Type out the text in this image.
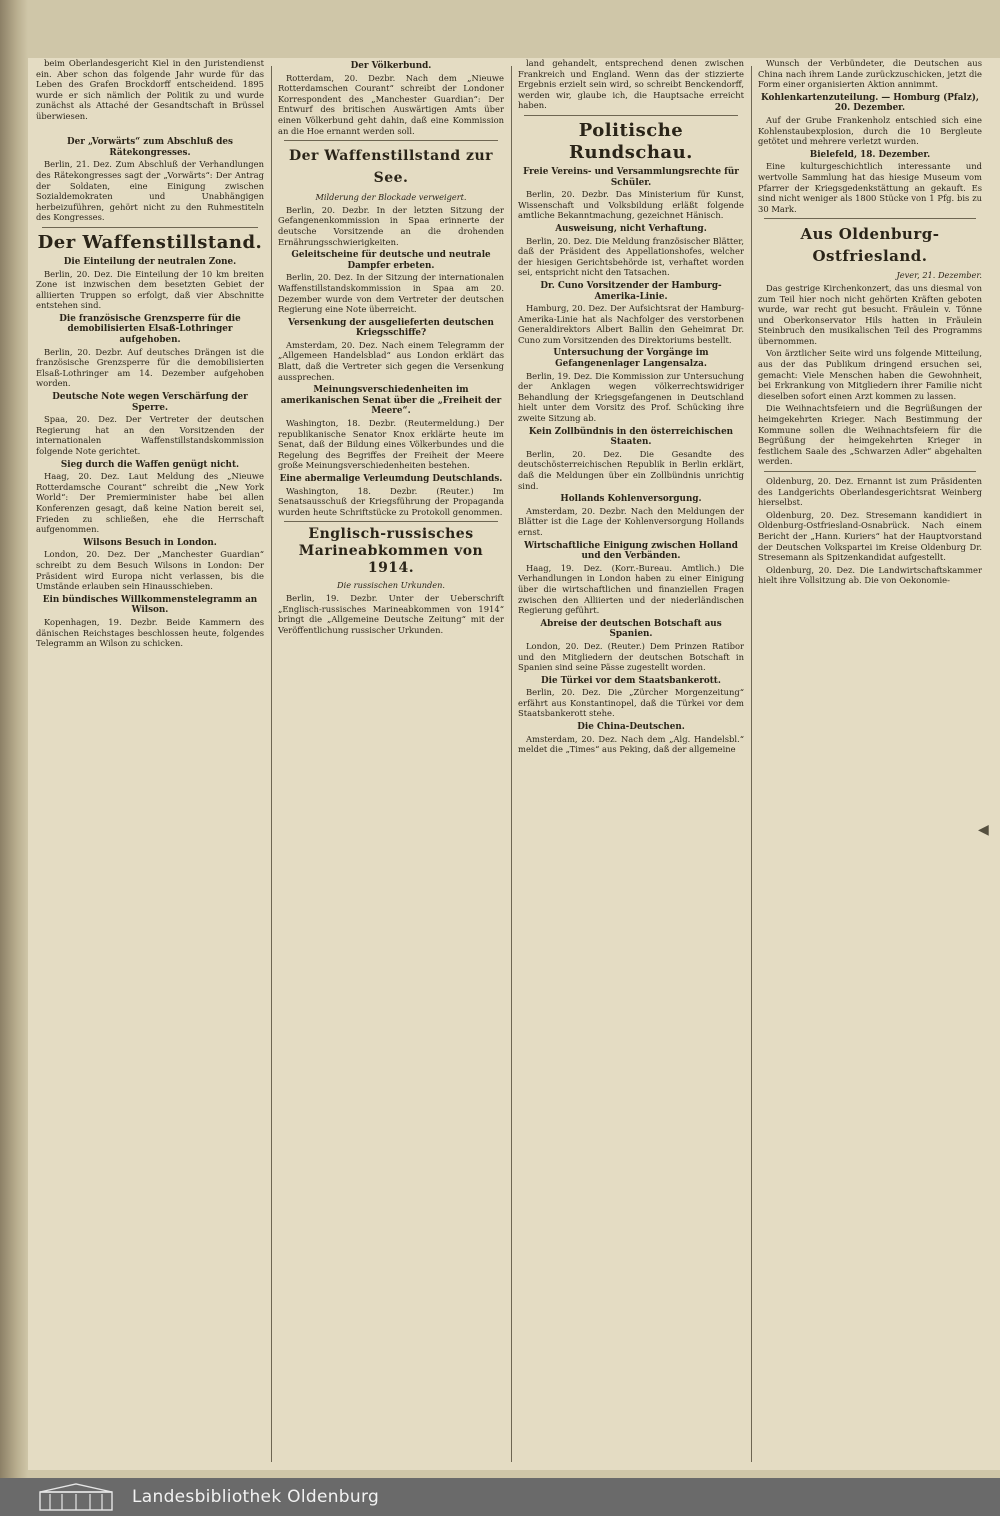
beim Oberlandesgericht Kiel in den Juristendienst ein. Aber schon das folgende Jahr wurde für das Leben des Grafen Brockdorff entscheidend. 1895 wurde er sich nämlich der Politik zu und wurde zunächst als Attaché der Gesandtschaft in Brüssel überwiesen.

Der „Vorwärts“ zum Abschluß des Rätekongresses.

Berlin, 21. Dez. Zum Abschluß der Verhandlungen des Rätekongresses sagt der „Vorwärts“: Der Antrag der Soldaten, eine Einigung zwischen Sozialdemokraten und Unabhängigen herbeizuführen, gehört nicht zu den Ruhmestiteln des Kongresses.

Der Waffenstillstand.
Die Einteilung der neutralen Zone.

Berlin, 20. Dez. Die Einteilung der 10 km breiten Zone ist inzwischen dem besetzten Gebiet der alliierten Truppen so erfolgt, daß vier Abschnitte entstehen sind.

Die französische Grenzsperre für die demobilisierten Elsaß-Lothringer aufgehoben.

Berlin, 20. Dezbr. Auf deutsches Drängen ist die französische Grenzsperre für die demobilisierten Elsaß-Lothringer am 14. Dezember aufgehoben worden.

Deutsche Note wegen Verschärfung der Sperre.

Spaa, 20. Dez. Der Vertreter der deutschen Regierung hat an den Vorsitzenden der internationalen Waffenstillstandskommission folgende Note gerichtet.

Sieg durch die Waffen genügt nicht.

Haag, 20. Dez. Laut Meldung des „Nieuwe Rotterdamsche Courant“ schreibt die „New York World“: Der Premierminister habe bei allen Konferenzen gesagt, daß keine Nation bereit sei, Frieden zu schließen, ehe die Herrschaft aufgenommen.

Wilsons Besuch in London.

London, 20. Dez. Der „Manchester Guardian“ schreibt zu dem Besuch Wilsons in London: Der Präsident wird Europa nicht verlassen, bis die Umstände erlauben sein Hinausschieben.

Ein bündisches Willkommenstelegramm an Wilson.

Kopenhagen, 19. Dezbr. Beide Kammern des dänischen Reichstages beschlossen heute, folgendes Telegramm an Wilson zu schicken.

Der Völkerbund.

Rotterdam, 20. Dezbr. Nach dem „Nieuwe Rotterdamschen Courant“ schreibt der Londoner Korrespondent des „Manchester Guardian“: Der Entwurf des britischen Auswärtigen Amts über einen Völkerbund geht dahin, daß eine Kommission an die Hoe ernannt werden soll.

Der Waffenstillstand zur See.
Milderung der Blockade verweigert.

Berlin, 20. Dezbr. In der letzten Sitzung der Gefangenenkommission in Spaa erinnerte der deutsche Vorsitzende an die drohenden Ernährungsschwierigkeiten.

Geleitscheine für deutsche und neutrale Dampfer erbeten.

Berlin, 20. Dez. In der Sitzung der internationalen Waffenstillstandskommission in Spaa am 20. Dezember wurde von dem Vertreter der deutschen Regierung eine Note überreicht.

Versenkung der ausgelieferten deutschen Kriegsschiffe?

Amsterdam, 20. Dez. Nach einem Telegramm der „Allgemeen Handelsblad“ aus London erklärt das Blatt, daß die Vertreter sich gegen die Versenkung aussprechen.

Meinungsverschiedenheiten im amerikanischen Senat über die „Freiheit der Meere“.

Washington, 18. Dezbr. (Reutermeldung.) Der republikanische Senator Knox erklärte heute im Senat, daß der Bildung eines Völkerbundes und die Regelung des Begriffes der Freiheit der Meere große Meinungsverschiedenheiten bestehen.

Eine abermalige Verleumdung Deutschlands.

Washington, 18. Dezbr. (Reuter.) Im Senatsausschuß der Kriegsführung der Propaganda wurden heute Schriftstücke zu Protokoll genommen.

Englisch-russisches Marineabkommen von 1914.
Die russischen Urkunden.

Berlin, 19. Dezbr. Unter der Ueberschrift „Englisch-russisches Marineabkommen von 1914“ bringt die „Allgemeine Deutsche Zeitung“ mit der Veröffentlichung russischer Urkunden.

land gehandelt, entsprechend denen zwischen Frankreich und England. Wenn das der stizzierte Ergebnis erzielt sein wird, so schreibt Benckendorff, werden wir, glaube ich, die Hauptsache erreicht haben.

Politische Rundschau.
Freie Vereins- und Versammlungsrechte für Schüler.

Berlin, 20. Dezbr. Das Ministerium für Kunst, Wissenschaft und Volksbildung erläßt folgende amtliche Bekanntmachung, gezeichnet Hänisch.

Ausweisung, nicht Verhaftung.

Berlin, 20. Dez. Die Meldung französischer Blätter, daß der Präsident des Appellationshofes, welcher der hiesigen Gerichtsbehörde ist, verhaftet worden sei, entspricht nicht den Tatsachen.

Dr. Cuno Vorsitzender der Hamburg-Amerika-Linie.

Hamburg, 20. Dez. Der Aufsichtsrat der Hamburg-Amerika-Linie hat als Nachfolger des verstorbenen Generaldirektors Albert Ballin den Geheimrat Dr. Cuno zum Vorsitzenden des Direktoriums bestellt.

Untersuchung der Vorgänge im Gefangenenlager Langensalza.

Berlin, 19. Dez. Die Kommission zur Untersuchung der Anklagen wegen völkerrechtswidriger Behandlung der Kriegsgefangenen in Deutschland hielt unter dem Vorsitz des Prof. Schücking ihre zweite Sitzung ab.

Kein Zollbündnis in den österreichischen Staaten.

Berlin, 20. Dez. Die Gesandte des deutschösterreichischen Republik in Berlin erklärt, daß die Meldungen über ein Zollbündnis unrichtig sind.

Hollands Kohlenversorgung.

Amsterdam, 20. Dezbr. Nach den Meldungen der Blätter ist die Lage der Kohlenversorgung Hollands ernst.

Wirtschaftliche Einigung zwischen Holland und den Verbänden.

Haag, 19. Dez. (Korr.-Bureau. Amtlich.) Die Verhandlungen in London haben zu einer Einigung über die wirtschaftlichen und finanziellen Fragen zwischen den Alliierten und der niederländischen Regierung geführt.

Abreise der deutschen Botschaft aus Spanien.

London, 20. Dez. (Reuter.) Dem Prinzen Ratibor und den Mitgliedern der deutschen Botschaft in Spanien sind seine Pässe zugestellt worden.

Die Türkei vor dem Staatsbankerott.

Berlin, 20. Dez. Die „Zürcher Morgenzeitung“ erfährt aus Konstantinopel, daß die Türkei vor dem Staatsbankerott stehe.

Die China-Deutschen.

Amsterdam, 20. Dez. Nach dem „Alg. Handelsbl.“ meldet die „Times“ aus Peking, daß der allgemeine

Wunsch der Verbündeter, die Deutschen aus China nach ihrem Lande zurückzuschicken, jetzt die Form einer organisierten Aktion annimmt.

Kohlenkartenzuteilung. — Homburg (Pfalz), 20. Dezember.

Auf der Grube Frankenholz entschied sich eine Kohlenstaubexplosion, durch die 10 Bergleute getötet und mehrere verletzt wurden.

Bielefeld, 18. Dezember.

Eine kulturgeschichtlich interessante und wertvolle Sammlung hat das hiesige Museum vom Pfarrer der Kriegsgedenkstättung an gekauft. Es sind nicht weniger als 1800 Stücke von 1 Pfg. bis zu 30 Mark.

Aus Oldenburg-Ostfriesland.
Jever, 21. Dezember.

Das gestrige Kirchenkonzert, das uns diesmal von zum Teil hier noch nicht gehörten Kräften geboten wurde, war recht gut besucht. Fräulein v. Tönne und Oberkonservator Hils hatten in Fräulein Steinbruch den musikalischen Teil des Programms übernommen.

Von ärztlicher Seite wird uns folgende Mitteilung, aus der das Publikum dringend ersuchen sei, gemacht: Viele Menschen haben die Gewohnheit, bei Erkrankung von Mitgliedern ihrer Familie nicht dieselben sofort einen Arzt kommen zu lassen.

Die Weihnachtsfeiern und die Begrüßungen der heimgekehrten Krieger. Nach Bestimmung der Kommune sollen die Weihnachtsfeiern für die Begrüßung der heimgekehrten Krieger in festlichem Saale des „Schwarzen Adler“ abgehalten werden.

Oldenburg, 20. Dez. Ernannt ist zum Präsidenten des Landgerichts Oberlandesgerichtsrat Weinberg hierselbst.

Oldenburg, 20. Dez. Stresemann kandidiert in Oldenburg-Ostfriesland-Osnabrück. Nach einem Bericht der „Hann. Kuriers“ hat der Hauptvorstand der Deutschen Volkspartei im Kreise Oldenburg Dr. Stresemann als Spitzenkandidat aufgestellt.

Oldenburg, 20. Dez. Die Landwirtschaftskammer hielt ihre Vollsitzung ab. Die von Oekonomie-

◀
Landesbibliothek Oldenburg
